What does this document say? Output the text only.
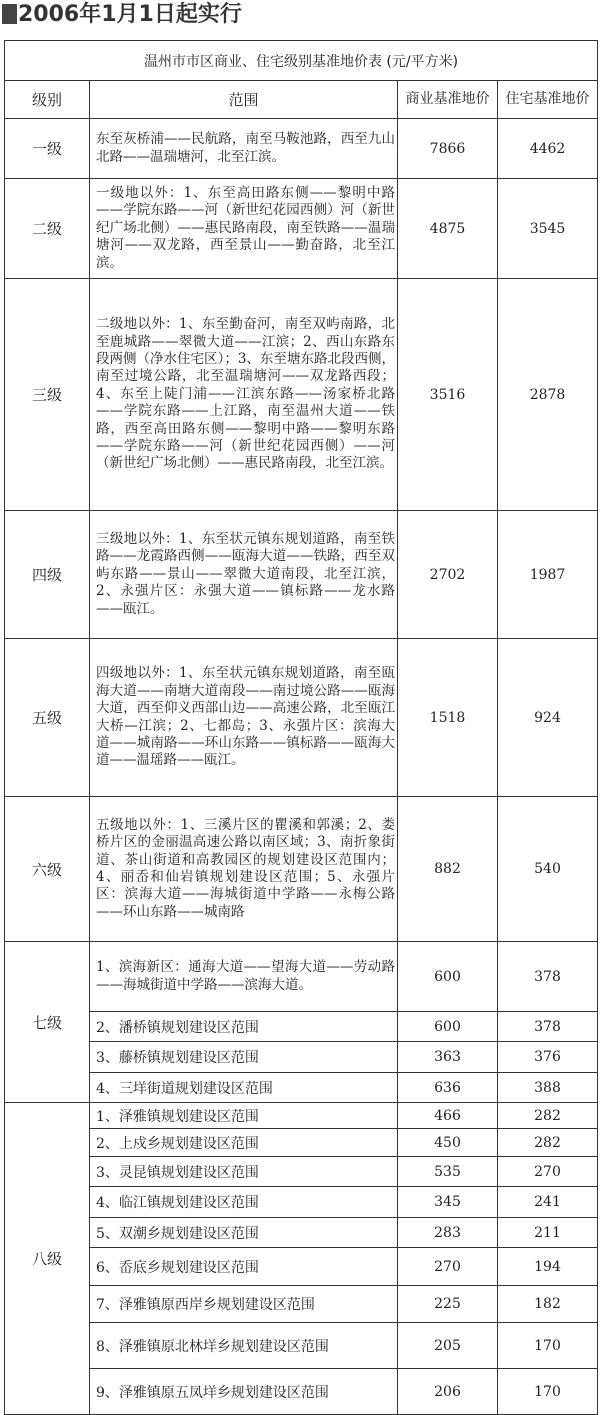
2006年1月1日起实行
温州市市区商业、住宅级别基准地价表 (元/平方米)			
级别	范围	商业基准地价	住宅基准地价
一级	东至灰桥浦——民航路，南至马鞍池路，西至九山北路——温瑞塘河，北至江滨。	7866	4462
二级	一级地以外：1、东至高田路东侧——黎明中路——学院东路——河（新世纪花园西侧）河（新世纪广场北侧）——惠民路南段，南至铁路——温瑞塘河——双龙路，西至景山——勤奋路，北至江滨。	4875	3545
三级	二级地以外：1、东至勤奋河，南至双屿南路，北至鹿城路——翠微大道——江滨；2、西山东路东段两侧（净水住宅区）；3、东至塘东路北段西侧，南至过境公路，北至温瑞塘河——双龙路西段；4、东至上陡门浦——江滨东路——汤家桥北路——学院东路——上江路，南至温州大道——铁路，西至高田路东侧——黎明中路——黎明东路——学院东路——河（新世纪花园西侧）——河（新世纪广场北侧）——惠民路南段，北至江滨。	3516	2878
四级	三级地以外：1、东至状元镇东规划道路，南至铁路——龙霞路西侧——瓯海大道——铁路，西至双屿东路——景山——翠微大道南段，北至江滨，2、永强片区：永强大道——镇标路——龙水路——瓯江。	2702	1987
五级	四级地以外：1、东至状元镇东规划道路，南至瓯海大道——南塘大道南段——南过境公路——瓯海大道，西至仰义西部山边——高速公路，北至瓯江大桥—江滨；2、七都岛；3、永强片区：滨海大道——城南路——环山东路——镇标路——瓯海大道——温瑶路——瓯江。	1518	924
六级	五级地以外：1、三溪片区的瞿溪和郭溪；2、娄桥片区的金丽温高速公路以南区域；3、南折象街道、茶山街道和高教园区的规划建设区范围内；4、丽岙和仙岩镇规划建设区范围；5、永强片区：滨海大道——海城街道中学路——永梅公路——环山东路——城南路	882	540
七级	1、滨海新区：通海大道——望海大道——劳动路——海城街道中学路——滨海大道。	600	378
	2、潘桥镇规划建设区范围	600	378
	3、藤桥镇规划建设区范围	363	376
	4、三垟街道规划建设区范围	636	388
八级	1、泽雅镇规划建设区范围	466	282
	2、上戍乡规划建设区范围	450	282
	3、灵昆镇规划建设区范围	535	270
	4、临江镇规划建设区范围	345	241
	5、双潮乡规划建设区范围	283	211
	6、岙底乡规划建设区范围	270	194
	7、泽雅镇原西岸乡规划建设区范围	225	182
	8、泽雅镇原北林垟乡规划建设区范围	205	170
	9、泽雅镇原五凤垟乡规划建设区范围	206	170
